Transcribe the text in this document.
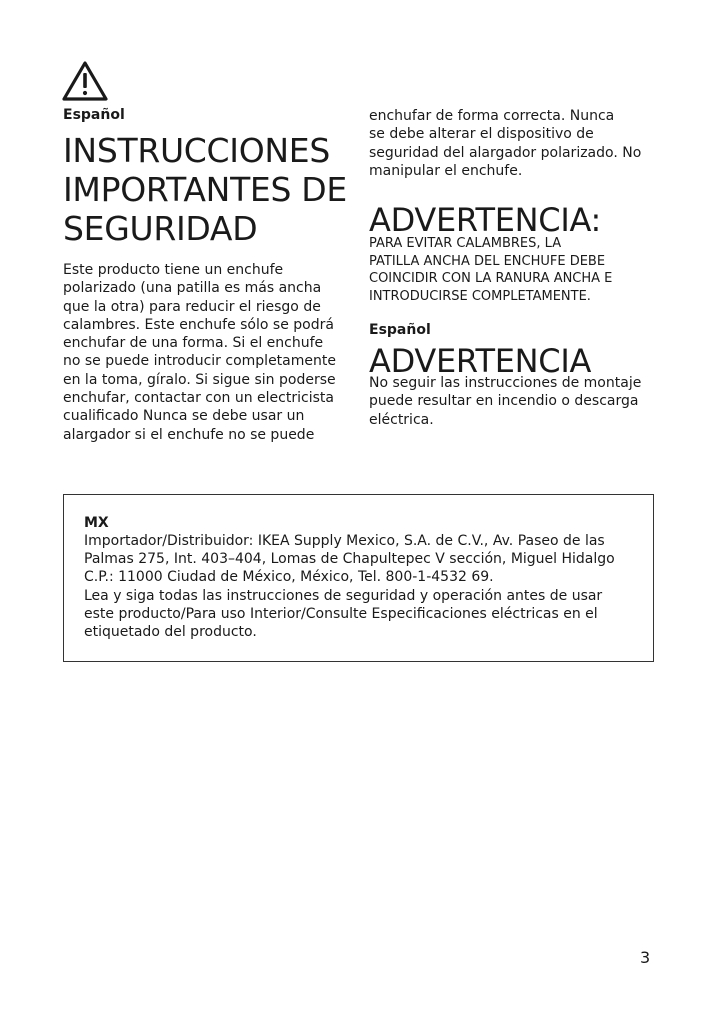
Español

INSTRUCCIONES
IMPORTANTES DE
SEGURIDAD

Este producto tiene un enchufe
polarizado (una patilla es más ancha
que la otra) para reducir el riesgo de
calambres. Este enchufe sólo se podrá
enchufar de una forma. Si el enchufe
no se puede introducir completamente
en la toma, gíralo. Si sigue sin poderse
enchufar, contactar con un electricista
cualificado Nunca se debe usar un
alargador si el enchufe no se puede

enchufar de forma correcta. Nunca
se debe alterar el dispositivo de
seguridad del alargador polarizado. No
manipular el enchufe.

ADVERTENCIA:

PARA EVITAR CALAMBRES, LA
PATILLA ANCHA DEL ENCHUFE DEBE
COINCIDIR CON LA RANURA ANCHA E
INTRODUCIRSE COMPLETAMENTE.

Español

ADVERTENCIA

No seguir las instrucciones de montaje
puede resultar en incendio o descarga
eléctrica.

MX

Importador/Distribuidor: IKEA Supply Mexico, S.A. de C.V., Av. Paseo de las
Palmas 275, Int. 403–404, Lomas de Chapultepec V sección, Miguel Hidalgo
C.P.: 11000 Ciudad de México, México, Tel. 800-1-4532 69.
Lea y siga todas las instrucciones de seguridad y operación antes de usar
este producto/Para uso Interior/Consulte Especificaciones eléctricas en el
etiquetado del producto.

3
